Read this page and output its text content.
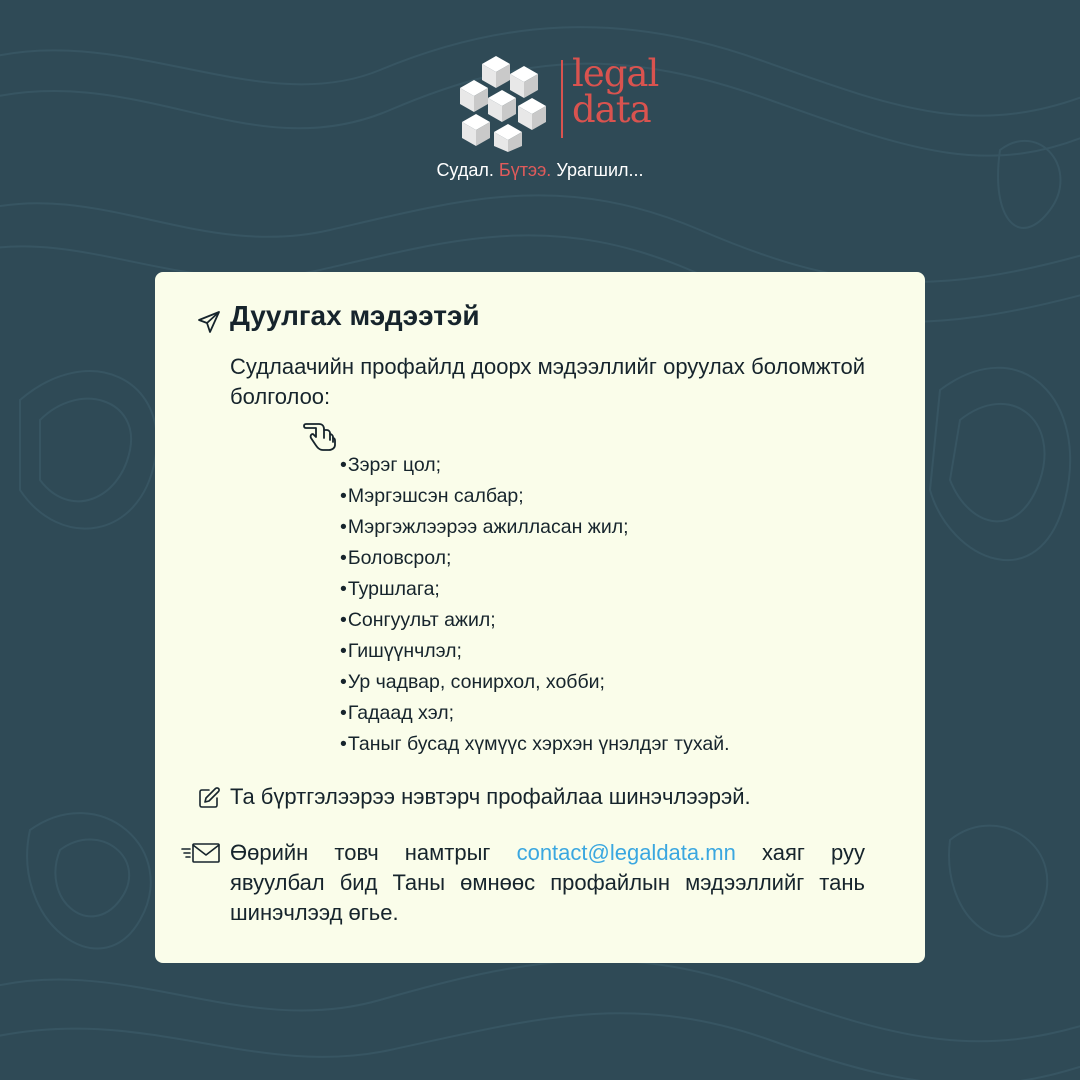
legal
data
Судал. Бүтээ. Урагшил...
Дуулгах мэдээтэй
Судлаачийн профайлд доорх мэдээллийг оруулах боломжтой болголоо:
•Зэрэг цол;
•Мэргэшсэн салбар;
•Мэргэжлээрээ ажилласан жил;
•Боловсрол;
•Туршлага;
•Сонгуульт ажил;
•Гишүүнчлэл;
•Ур чадвар, сонирхол, хобби;
•Гадаад хэл;
•Таныг бусад хүмүүс хэрхэн үнэлдэг тухай.
Та бүртгэлээрээ нэвтэрч профайлаа шинэчлээрэй.
Өөрийн товч намтрыг contact@legaldata.mn хаяг руу явуулбал бид Таны өмнөөс профайлын мэдээллийг тань шинэчлээд өгье.
